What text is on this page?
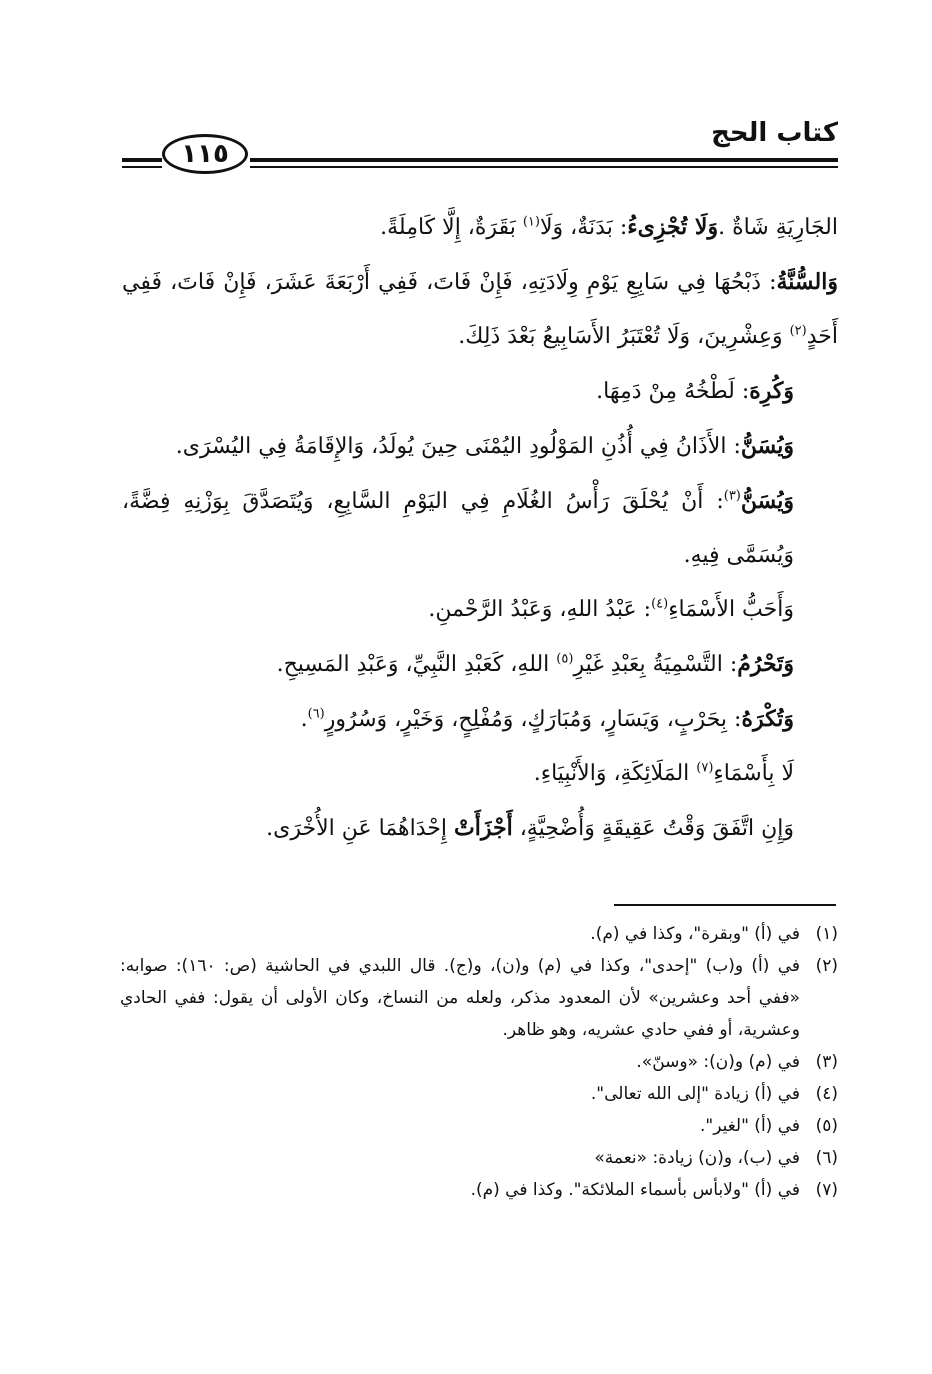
كتاب الحج
١١٥

الجَارِيَةِ شَاةٌ .وَلَا تُجْزِىءُ: بَدَنَةٌ، وَلَا$^{(١)}$ بَقَرَةٌ، إِلَّا كَامِلَةً.

وَالسُّنَّةُ: ذَبْحُهَا فِي سَابِعِ يَوْمِ وِلَادَتِهِ، فَإِنْ فَاتَ، فَفِي أَرْبَعَةَ عَشَرَ، فَإِنْ فَاتَ، فَفِي أَحَدٍ$^{(٢)}$ وَعِشْرِينَ، وَلَا تُعْتَبَرُ الأَسَابِيعُ بَعْدَ ذَلِكَ.

وَكُرِهَ: لَطْخُهُ مِنْ دَمِهَا.

وَيُسَنُّ: الأَذَانُ فِي أُذُنِ المَوْلُودِ اليُمْنَى حِينَ يُولَدُ، وَالإِقَامَةُ فِي اليُسْرَى.

وَيُسَنُّ$^{(٣)}$: أَنْ يُحْلَقَ رَأْسُ الغُلَامِ فِي اليَوْمِ السَّابِعِ، وَيُتَصَدَّقَ بِوَزْنِهِ فِضَّةً، وَيُسَمَّى فِيهِ.

وَأَحَبُّ الأَسْمَاءِ$^{(٤)}$: عَبْدُ اللهِ، وَعَبْدُ الرَّحْمنِ.

وَتَحْرُمُ: التَّسْمِيَةُ بِعَبْدِ غَيْرِ$^{(٥)}$ اللهِ، كَعَبْدِ النَّبِيِّ، وَعَبْدِ المَسِيحِ.

وَتُكْرَهُ: بِحَرْبٍ، وَيَسَارٍ، وَمُبَارَكٍ، وَمُفْلِحٍ، وَخَيْرٍ، وَسُرُورٍ$^{(٦)}$.

لَا بِأَسْمَاءِ$^{(٧)}$ المَلَائِكَةِ، وَالأَنْبِيَاءِ.

وَإِنِ اتَّفَقَ وَقْتُ عَقِيقَةٍ وَأُضْحِيَّةٍ، أَجْزَأَتْ إِحْدَاهُمَا عَنِ الأُخْرَى.

(١)
في (أ) "وبقرة"، وكذا في (م).
(٢)
في (أ) و(ب) "إحدى"، وكذا في (م) و(ن)، و(ج). قال اللبدي في الحاشية (ص: ١٦٠): صوابه: «ففي أحد وعشرين» لأن المعدود مذكر، ولعله من النساخ، وكان الأولى أن يقول: ففي الحادي وعشرية، أو ففي حادي عشريه، وهو ظاهر.
(٣)
في (م) و(ن): «وسنّ».
(٤)
في (أ) زيادة "إلى الله تعالى".
(٥)
في (أ) "لغير".
(٦)
في (ب)، و(ن) زيادة: «نعمة»
(٧)
في (أ) "ولابأس بأسماء الملائكة". وكذا في (م).
